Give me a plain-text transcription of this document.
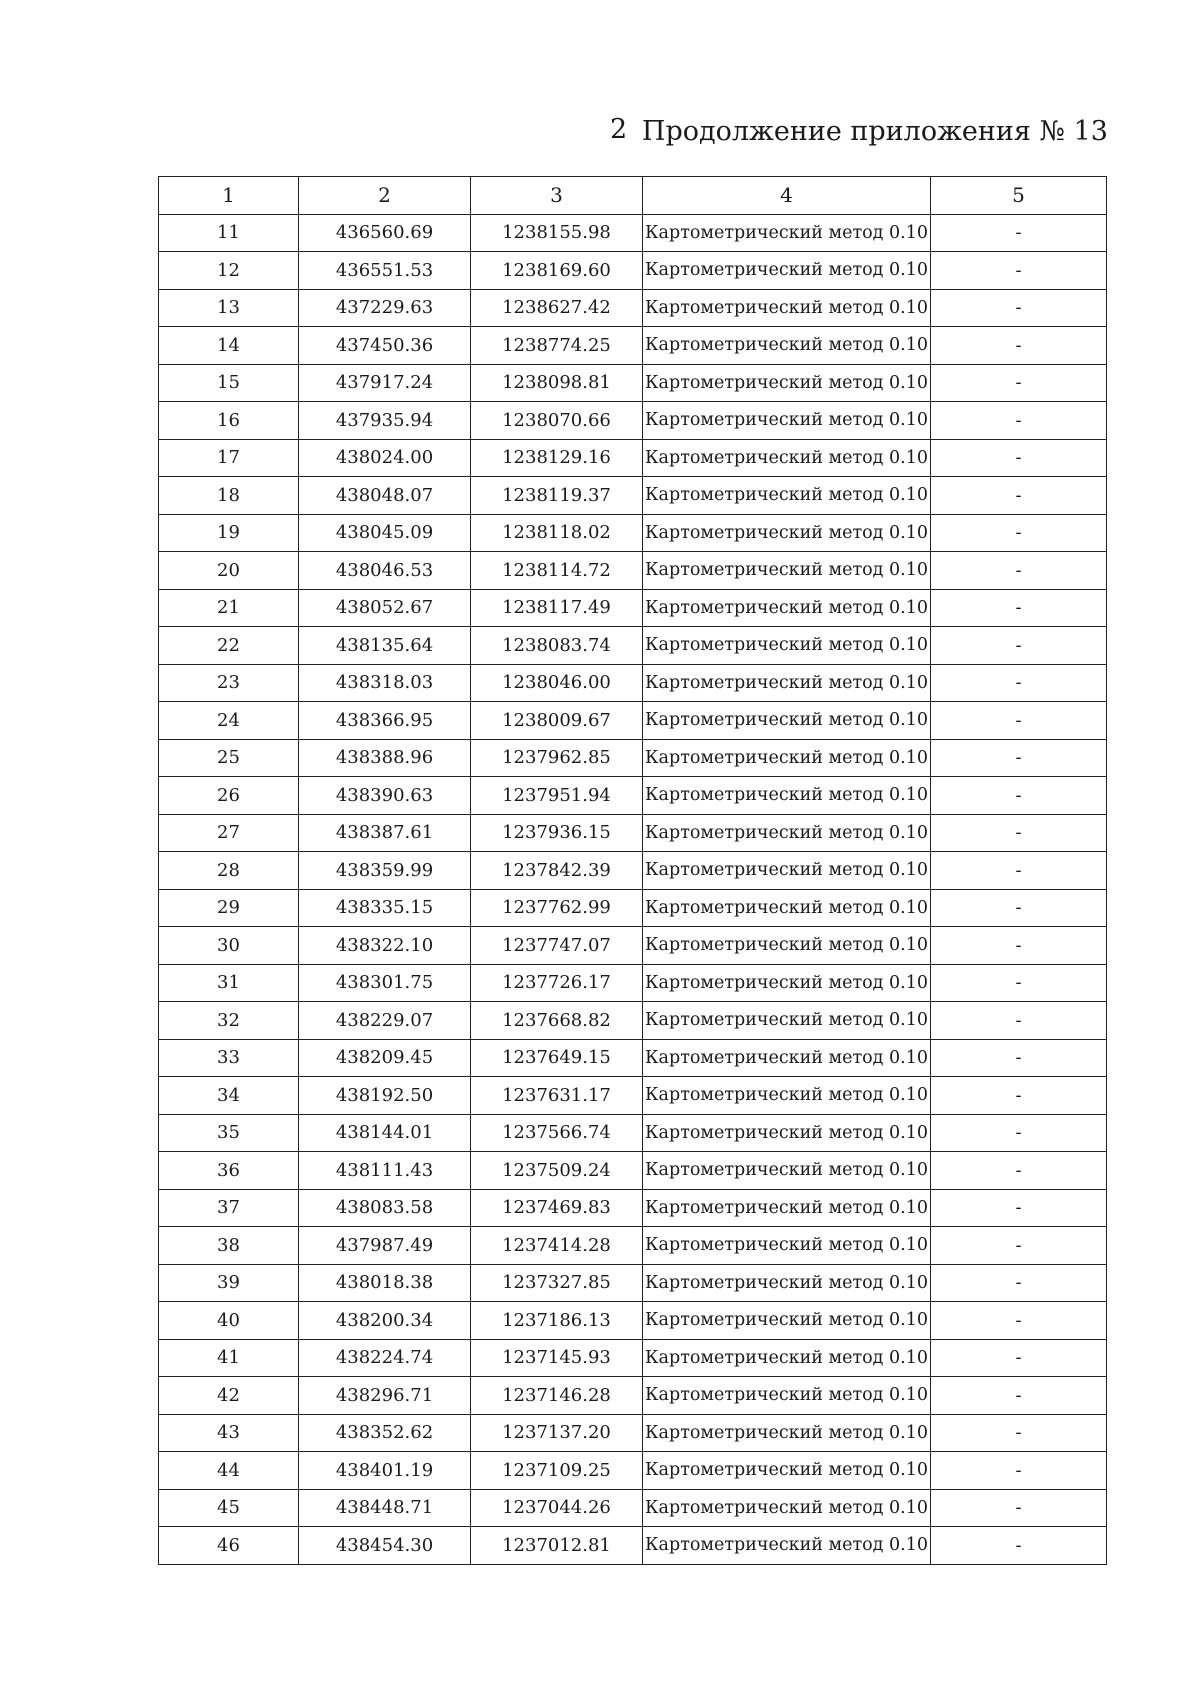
2 Продолжение приложения № 13
1	2	3	4	5
11	436560.69	1238155.98	Картометрический метод 0.10	-
12	436551.53	1238169.60	Картометрический метод 0.10	-
13	437229.63	1238627.42	Картометрический метод 0.10	-
14	437450.36	1238774.25	Картометрический метод 0.10	-
15	437917.24	1238098.81	Картометрический метод 0.10	-
16	437935.94	1238070.66	Картометрический метод 0.10	-
17	438024.00	1238129.16	Картометрический метод 0.10	-
18	438048.07	1238119.37	Картометрический метод 0.10	-
19	438045.09	1238118.02	Картометрический метод 0.10	-
20	438046.53	1238114.72	Картометрический метод 0.10	-
21	438052.67	1238117.49	Картометрический метод 0.10	-
22	438135.64	1238083.74	Картометрический метод 0.10	-
23	438318.03	1238046.00	Картометрический метод 0.10	-
24	438366.95	1238009.67	Картометрический метод 0.10	-
25	438388.96	1237962.85	Картометрический метод 0.10	-
26	438390.63	1237951.94	Картометрический метод 0.10	-
27	438387.61	1237936.15	Картометрический метод 0.10	-
28	438359.99	1237842.39	Картометрический метод 0.10	-
29	438335.15	1237762.99	Картометрический метод 0.10	-
30	438322.10	1237747.07	Картометрический метод 0.10	-
31	438301.75	1237726.17	Картометрический метод 0.10	-
32	438229.07	1237668.82	Картометрический метод 0.10	-
33	438209.45	1237649.15	Картометрический метод 0.10	-
34	438192.50	1237631.17	Картометрический метод 0.10	-
35	438144.01	1237566.74	Картометрический метод 0.10	-
36	438111.43	1237509.24	Картометрический метод 0.10	-
37	438083.58	1237469.83	Картометрический метод 0.10	-
38	437987.49	1237414.28	Картометрический метод 0.10	-
39	438018.38	1237327.85	Картометрический метод 0.10	-
40	438200.34	1237186.13	Картометрический метод 0.10	-
41	438224.74	1237145.93	Картометрический метод 0.10	-
42	438296.71	1237146.28	Картометрический метод 0.10	-
43	438352.62	1237137.20	Картометрический метод 0.10	-
44	438401.19	1237109.25	Картометрический метод 0.10	-
45	438448.71	1237044.26	Картометрический метод 0.10	-
46	438454.30	1237012.81	Картометрический метод 0.10	-
